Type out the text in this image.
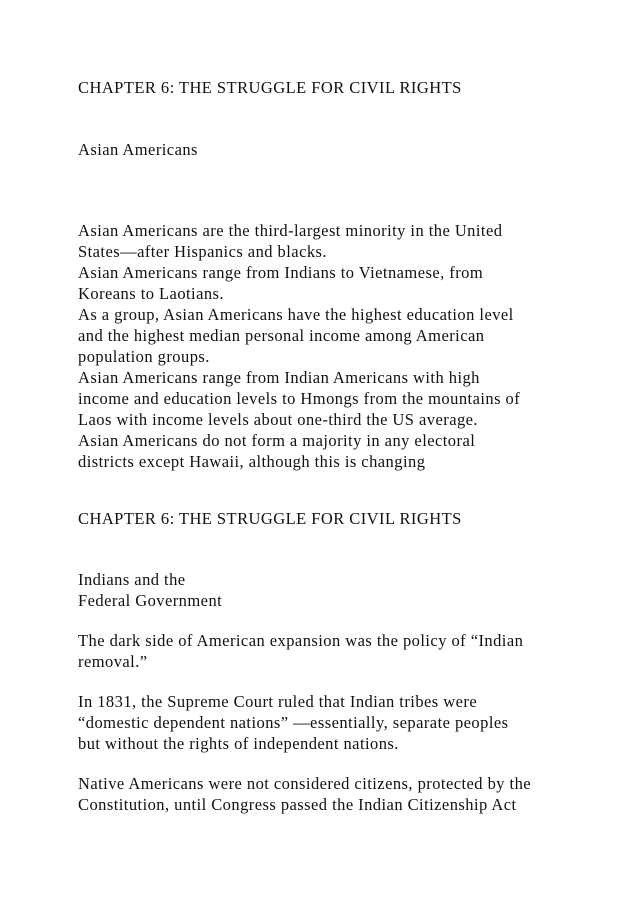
CHAPTER 6: THE STRUGGLE FOR CIVIL RIGHTS
Asian Americans
Asian Americans are the third-largest minority in the United
States—after Hispanics and blacks.
Asian Americans range from Indians to Vietnamese, from
Koreans to Laotians.
As a group, Asian Americans have the highest education level
and the highest median personal income among American
population groups.
Asian Americans range from Indian Americans with high
income and education levels to Hmongs from the mountains of
Laos with income levels about one-third the US average.
Asian Americans do not form a majority in any electoral
districts except Hawaii, although this is changing
CHAPTER 6: THE STRUGGLE FOR CIVIL RIGHTS
Indians and the
Federal Government
The dark side of American expansion was the policy of “Indian
removal.”
In 1831, the Supreme Court ruled that Indian tribes were
“domestic dependent nations” —essentially, separate peoples
but without the rights of independent nations.
Native Americans were not considered citizens, protected by the
Constitution, until Congress passed the Indian Citizenship Act
